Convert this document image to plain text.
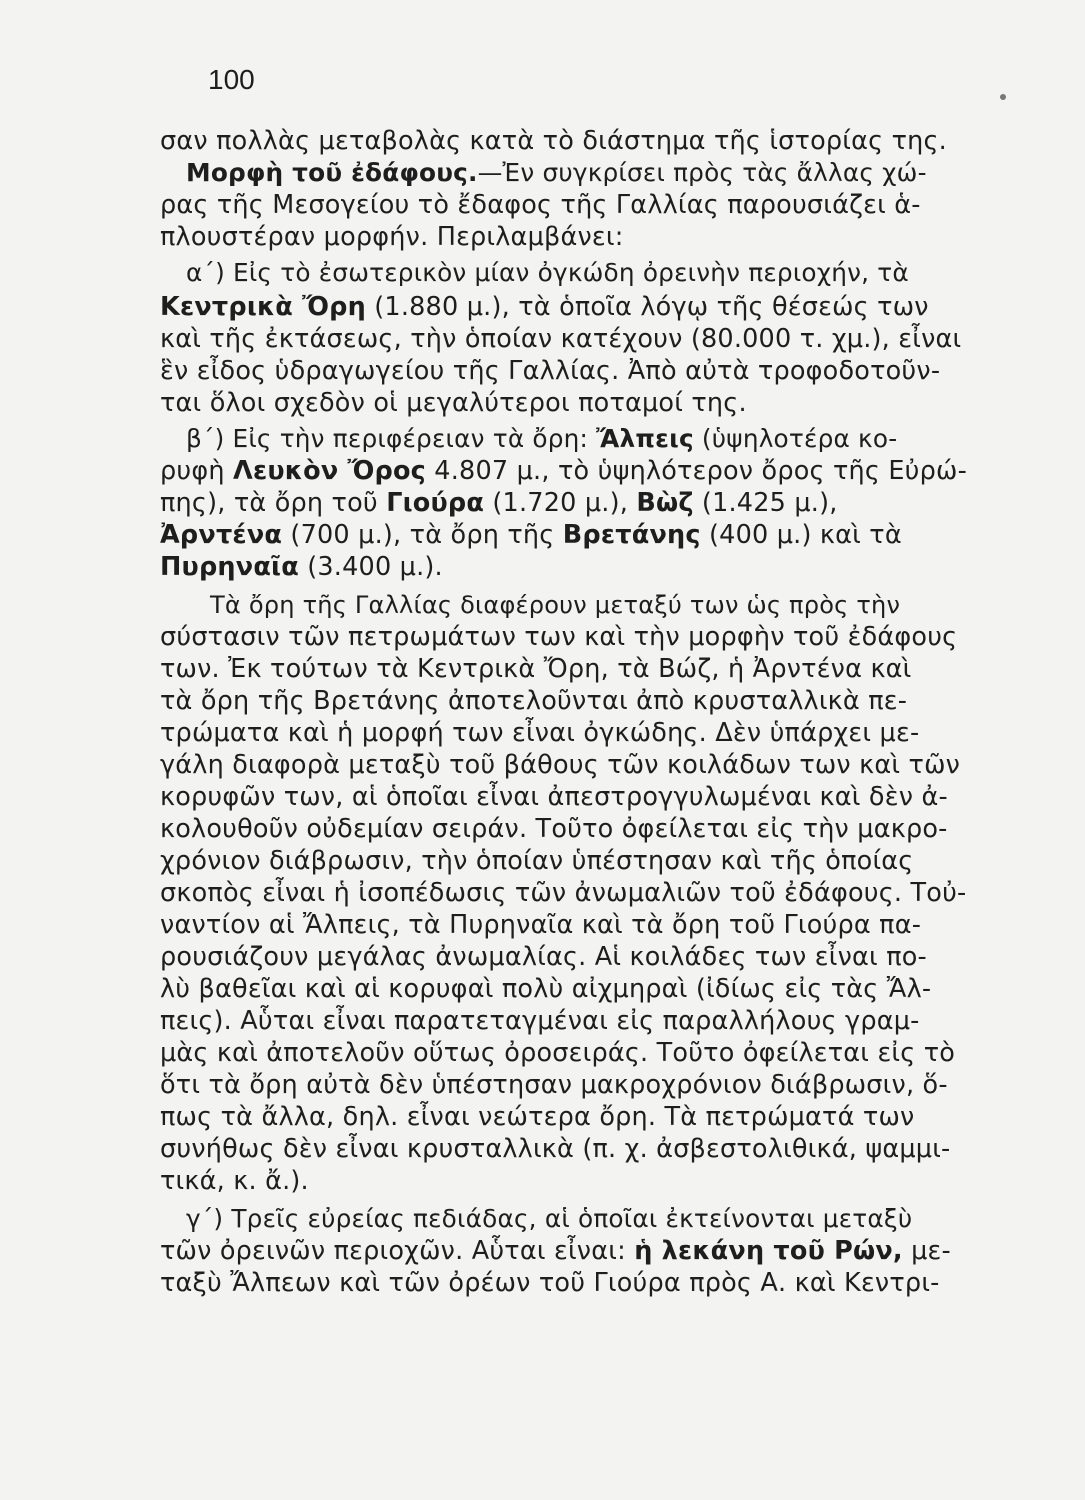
100
σαν πολλὰς μεταβολὰς κατὰ τὸ διάστημα τῆς ἱστορίας της.
Μορφὴ τοῦ ἐδάφους.—Ἐν συγκρίσει πρὸς τὰς ἄλλας χώ-
ρας τῆς Μεσογείου τὸ ἔδαφος τῆς Γαλλίας παρουσιάζει ἁ-
πλουστέραν μορφήν. Περιλαμβάνει:
α΄) Εἰς τὸ ἐσωτερικὸν μίαν ὀγκώδη ὀρεινὴν περιοχήν, τὰ
Κεντρικὰ Ὄρη (1.880 μ.), τὰ ὁποῖα λόγῳ τῆς θέσεώς των
καὶ τῆς ἐκτάσεως, τὴν ὁποίαν κατέχουν (80.000 τ. χμ.), εἶναι
ἓν εἶδος ὑδραγωγείου τῆς Γαλλίας. Ἀπὸ αὐτὰ τροφοδοτοῦν-
ται ὅλοι σχεδὸν οἱ μεγαλύτεροι ποταμοί της.
β΄) Εἰς τὴν περιφέρειαν τὰ ὄρη: Ἄλπεις (ὑψηλοτέρα κο-
ρυφὴ Λευκὸν Ὄρος 4.807 μ., τὸ ὑψηλότερον ὄρος τῆς Εὐρώ-
πης), τὰ ὄρη τοῦ Γιούρα (1.720 μ.), Βὼζ (1.425 μ.),
Ἀρντένα (700 μ.), τὰ ὄρη τῆς Βρετάνης (400 μ.) καὶ τὰ
Πυρηναῖα (3.400 μ.).
Τὰ ὄρη τῆς Γαλλίας διαφέρουν μεταξύ των ὡς πρὸς τὴν
σύστασιν τῶν πετρωμάτων των καὶ τὴν μορφὴν τοῦ ἐδάφους
των. Ἐκ τούτων τὰ Κεντρικὰ Ὄρη, τὰ Βώζ, ἡ Ἀρντένα καὶ
τὰ ὄρη τῆς Βρετάνης ἀποτελοῦνται ἀπὸ κρυσταλλικὰ πε-
τρώματα καὶ ἡ μορφή των εἶναι ὀγκώδης. Δὲν ὑπάρχει με-
γάλη διαφορὰ μεταξὺ τοῦ βάθους τῶν κοιλάδων των καὶ τῶν
κορυφῶν των, αἱ ὁποῖαι εἶναι ἀπεστρογγυλωμέναι καὶ δὲν ἀ-
κολουθοῦν οὐδεμίαν σειράν. Τοῦτο ὀφείλεται εἰς τὴν μακρο-
χρόνιον διάβρωσιν, τὴν ὁποίαν ὑπέστησαν καὶ τῆς ὁποίας
σκοπὸς εἶναι ἡ ἰσοπέδωσις τῶν ἀνωμαλιῶν τοῦ ἐδάφους. Τοὐ-
ναντίον αἱ Ἄλπεις, τὰ Πυρηναῖα καὶ τὰ ὄρη τοῦ Γιούρα πα-
ρουσιάζουν μεγάλας ἀνωμαλίας. Αἱ κοιλάδες των εἶναι πο-
λὺ βαθεῖαι καὶ αἱ κορυφαὶ πολὺ αἰχμηραὶ (ἰδίως εἰς τὰς Ἄλ-
πεις). Αὗται εἶναι παρατεταγμέναι εἰς παραλλήλους γραμ-
μὰς καὶ ἀποτελοῦν οὕτως ὀροσειράς. Τοῦτο ὀφείλεται εἰς τὸ
ὅτι τὰ ὄρη αὐτὰ δὲν ὑπέστησαν μακροχρόνιον διάβρωσιν, ὅ-
πως τὰ ἄλλα, δηλ. εἶναι νεώτερα ὄρη. Τὰ πετρώματά των
συνήθως δὲν εἶναι κρυσταλλικὰ (π. χ. ἀσβεστολιθικά, ψαμμι-
τικά, κ. ἄ.).
γ΄) Τρεῖς εὐρείας πεδιάδας, αἱ ὁποῖαι ἐκτείνονται μεταξὺ
τῶν ὀρεινῶν περιοχῶν. Αὗται εἶναι: ἡ λεκάνη τοῦ Ρών, με-
ταξὺ Ἄλπεων καὶ τῶν ὀρέων τοῦ Γιούρα πρὸς Α. καὶ Κεντρι-
